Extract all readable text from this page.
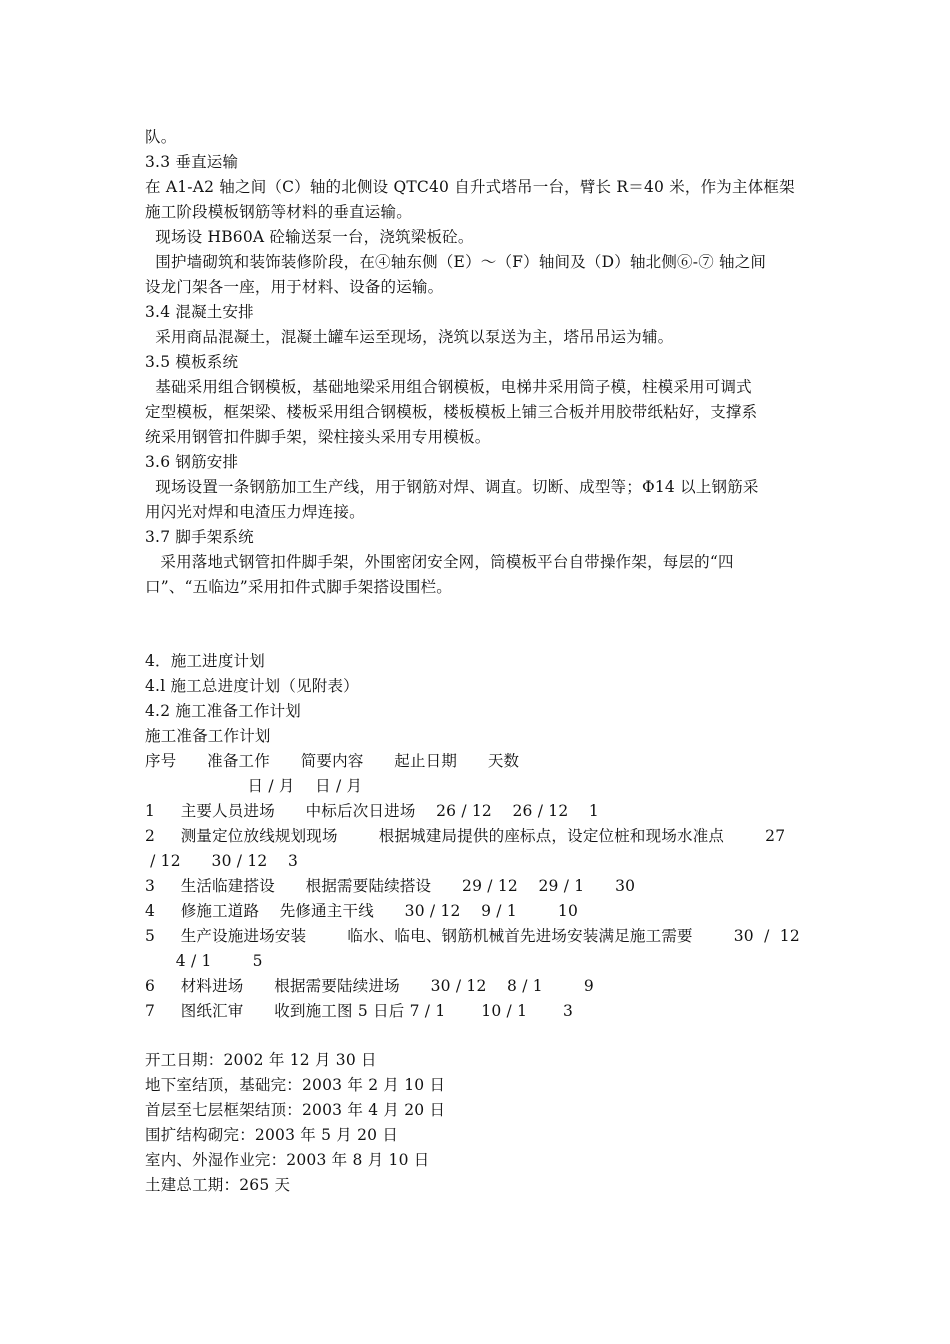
队。
3.3 垂直运输
在 A1-A2 轴之间（C）轴的北侧设 QTC40 自升式塔吊一台，臂长 R＝40 米，作为主体框架
施工阶段模板钢筋等材料的垂直运输。
现场设 HB60A 砼输送泵一台，浇筑梁板砼。
围护墙砌筑和装饰装修阶段，在④轴东侧（E）～（F）轴间及（D）轴北侧⑥-⑦ 轴之间
设龙门架各一座，用于材料、设备的运输。
3.4 混凝土安排
采用商品混凝土，混凝土罐车运至现场，浇筑以泵送为主，塔吊吊运为辅。
3.5 模板系统
基础采用组合钢模板，基础地梁采用组合钢模板，电梯井采用筒子模，柱模采用可调式
定型模板，框架梁、楼板采用组合钢模板，楼板模板上铺三合板并用胶带纸粘好，支撑系
统采用钢管扣件脚手架，梁柱接头采用专用模板。
3.6 钢筋安排
现场设置一条钢筋加工生产线，用于钢筋对焊、调直。切断、成型等；Φ14 以上钢筋采
用闪光对焊和电渣压力焊连接。
3.7 脚手架系统
采用落地式钢管扣件脚手架，外围密闭安全网，筒模板平台自带操作架，每层的“四
口”、“五临边”采用扣件式脚手架搭设围栏。
4．施工进度计划
4.l 施工总进度计划（见附表）
4.2 施工准备工作计划
施工准备工作计划
序号      准备工作      简要内容      起止日期      天数
日 / 月    日 / 月
1     主要人员进场      中标后次日进场    26 / 12    26 / 12    1
2     测量定位放线规划现场        根据城建局提供的座标点，设定位桩和现场水准点        27
/ 12      30 / 12    3
3     生活临建搭设      根据需要陆续搭设      29 / 12    29 / 1      30
4     修施工道路    先修通主干线      30 / 12    9 / 1        10
5     生产设施进场安装        临水、临电、钢筋机械首先进场安装满足施工需要        30  /  12
4 / 1        5
6     材料进场      根据需要陆续进场      30 / 12    8 / 1        9
7     图纸汇审      收到施工图 5 日后 7 / 1       10 / 1       3
开工日期：2002 年 12 月 30 日
地下室结顶，基础完：2003 年 2 月 10 日
首层至七层框架结顶：2003 年 4 月 20 日
围扩结构砌完：2003 年 5 月 20 日
室内、外湿作业完：2003 年 8 月 10 日
土建总工期：265 天
